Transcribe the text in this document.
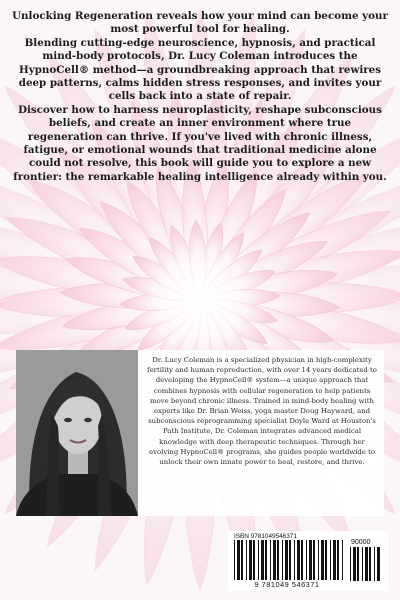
Unlocking Regeneration reveals how your mind can become your most powerful tool for healing.

Blending cutting-edge neuroscience, hypnosis, and practical mind-body protocols, Dr. Lucy Coleman introduces the HypnoCell® method—a groundbreaking approach that rewires deep patterns, calms hidden stress responses, and invites your cells back into a state of repair.

Discover how to harness neuroplasticity, reshape subconscious beliefs, and create an inner environment where true regeneration can thrive. If you've lived with chronic illness, fatigue, or emotional wounds that traditional medicine alone could not resolve, this book will guide you to explore a new frontier: the remarkable healing intelligence already within you.

Dr. Lucy Coleman is a specialized physician in high-complexity fertility and human reproduction, with over 14 years dedicated to developing the HypnoCell® system—a unique approach that combines hypnosis with cellular regeneration to help patients move beyond chronic illness. Trained in mind-body healing with experts like Dr. Brian Weiss, yoga master Doug Hayward, and subconscious reprogramming specialist Doyle Ward at Houston's Path Institute, Dr. Coleman integrates advanced medical knowledge with deep therapeutic techniques. Through her evolving HypnoCell® programs, she guides people worldwide to unlock their own innate power to heal, restore, and thrive.

ISBN 9781049546371
90000
9 781049 546371
